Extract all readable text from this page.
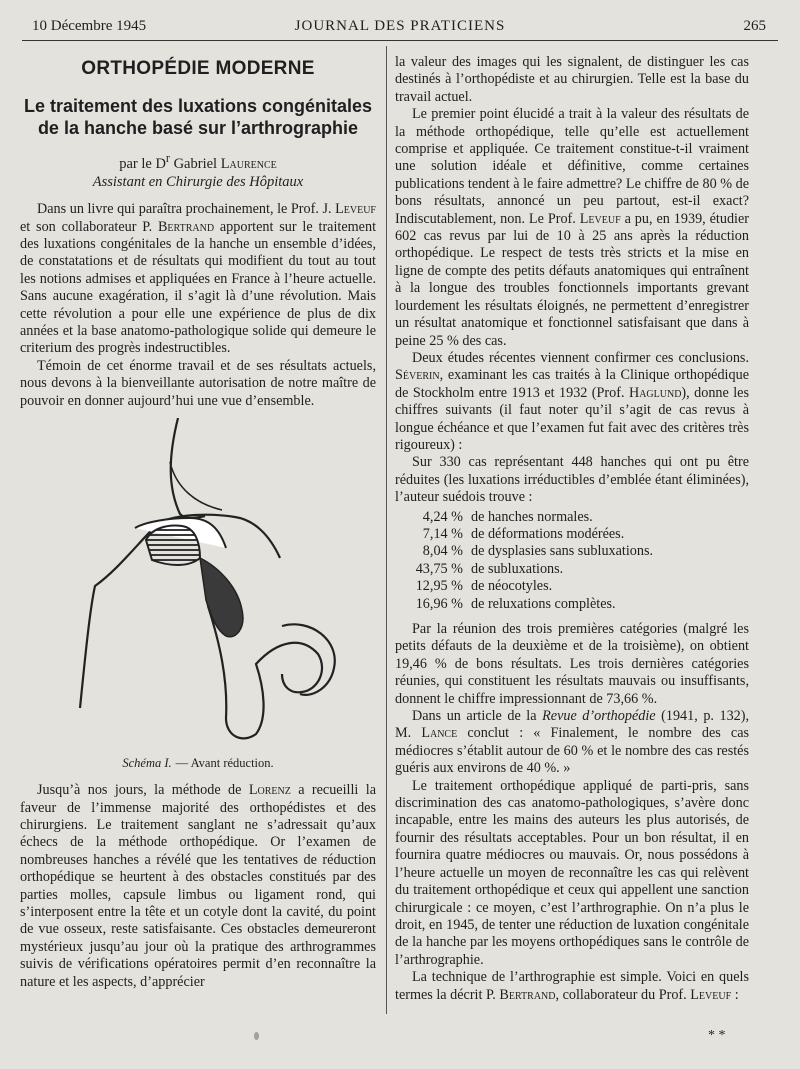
10 Décembre 1945	JOURNAL DES PRATICIENS	265
ORTHOPÉDIE MODERNE
Le traitement des luxations congénitales de la hanche basé sur l’arthrographie
par le $D^r$ Gabriel Laurence
Assistant en Chirurgie des Hôpitaux

Dans un livre qui paraîtra prochainement, le Prof. J. Leveuf et son collaborateur P. Bertrand apportent sur le traitement des luxations congénitales de la hanche un ensemble d’idées, de constatations et de résultats qui modifient du tout au tout les notions admises et appliquées en France à l’heure actuelle. Sans aucune exagération, il s’agit là d’une révolution. Mais cette révolution a pour elle une expérience de plus de dix années et la base anatomo-pathologique solide qui demeure le criterium des progrès indestructibles.

Témoin de cet énorme travail et de ses résultats actuels, nous devons à la bienveillante autorisation de notre maître de pouvoir en donner aujourd’hui une vue d’ensemble.

Schéma I. — Avant réduction.

Jusqu’à nos jours, la méthode de Lorenz a recueilli la faveur de l’immense majorité des orthopédistes et des chirurgiens. Le traitement sanglant ne s’adressait qu’aux échecs de la méthode orthopédique. Or l’examen de nombreuses hanches a révélé que les tentatives de réduction orthopédique se heurtent à des obstacles constitués par des parties molles, capsule limbus ou ligament rond, qui s’interposent entre la tête et un cotyle dont la cavité, du point de vue osseux, reste satisfaisante. Ces obstacles demeureront mystérieux jusqu’au jour où la pratique des arthrogrammes suivis de vérifications opératoires permit d’en reconnaître la nature et les aspects, d’apprécier

la valeur des images qui les signalent, de distinguer les cas destinés à l’orthopédiste et au chirurgien. Telle est la base du travail actuel.

Le premier point élucidé a trait à la valeur des résultats de la méthode orthopédique, telle qu’elle est actuellement comprise et appliquée. Ce traitement constitue-t-il vraiment une solution idéale et définitive, comme certaines publications tendent à le faire admettre? Le chiffre de 80 % de bons résultats, annoncé un peu partout, est-il exact? Indiscutablement, non. Le Prof. Leveuf a pu, en 1939, étudier 602 cas revus par lui de 10 à 25 ans après la réduction orthopédique. Le respect de tests très stricts et la mise en ligne de compte des petits défauts anatomiques qui entraînent à la longue des troubles fonctionnels importants grevant lourdement les résultats éloignés, ne permettent d’enregistrer un résultat anatomique et fonctionnel satisfaisant que dans à peine 25 % des cas.

Deux études récentes viennent confirmer ces conclusions. Séverin, examinant les cas traités à la Clinique orthopédique de Stockholm entre 1913 et 1932 (Prof. Haglund), donne les chiffres suivants (il faut noter qu’il s’agit de cas revus à longue échéance et que l’examen fut fait avec des critères très rigoureux) :

Sur 330 cas représentant 448 hanches qui ont pu être réduites (les luxations irréductibles d’emblée étant éliminées), l’auteur suédois trouve :

4,24 % de hanches normales.
7,14 % de déformations modérées.
8,04 % de dysplasies sans subluxations.
43,75 % de subluxations.
12,95 % de néocotyles.
16,96 % de reluxations complètes.

Par la réunion des trois premières catégories (malgré les petits défauts de la deuxième et de la troisième), on obtient 19,46 % de bons résultats. Les trois dernières catégories réunies, qui constituent les résultats mauvais ou insuffisants, donnent le chiffre impressionnant de 73,66 %.

Dans un article de la Revue d’orthopédie (1941, p. 132), M. Lance conclut : « Finalement, le nombre des cas médiocres s’établit autour de 60 % et le nombre des cas restés guéris aux environs de 40 %. »

Le traitement orthopédique appliqué de parti-pris, sans discrimination des cas anatomo-pathologiques, s’avère donc incapable, entre les mains des auteurs les plus autorisés, de fournir des résultats acceptables. Pour un bon résultat, il en fournira quatre médiocres ou mauvais. Or, nous possédons à l’heure actuelle un moyen de reconnaître les cas qui relèvent du traitement orthopédique et ceux qui appellent une sanction chirurgicale : ce moyen, c’est l’arthrographie. On n’a plus le droit, en 1945, de tenter une réduction de luxation congénitale de la hanche par les moyens orthopédiques sans le contrôle de l’arthrographie.

La technique de l’arthrographie est simple. Voici en quels termes la décrit P. Bertrand, collaborateur du Prof. Leveuf :

* *
